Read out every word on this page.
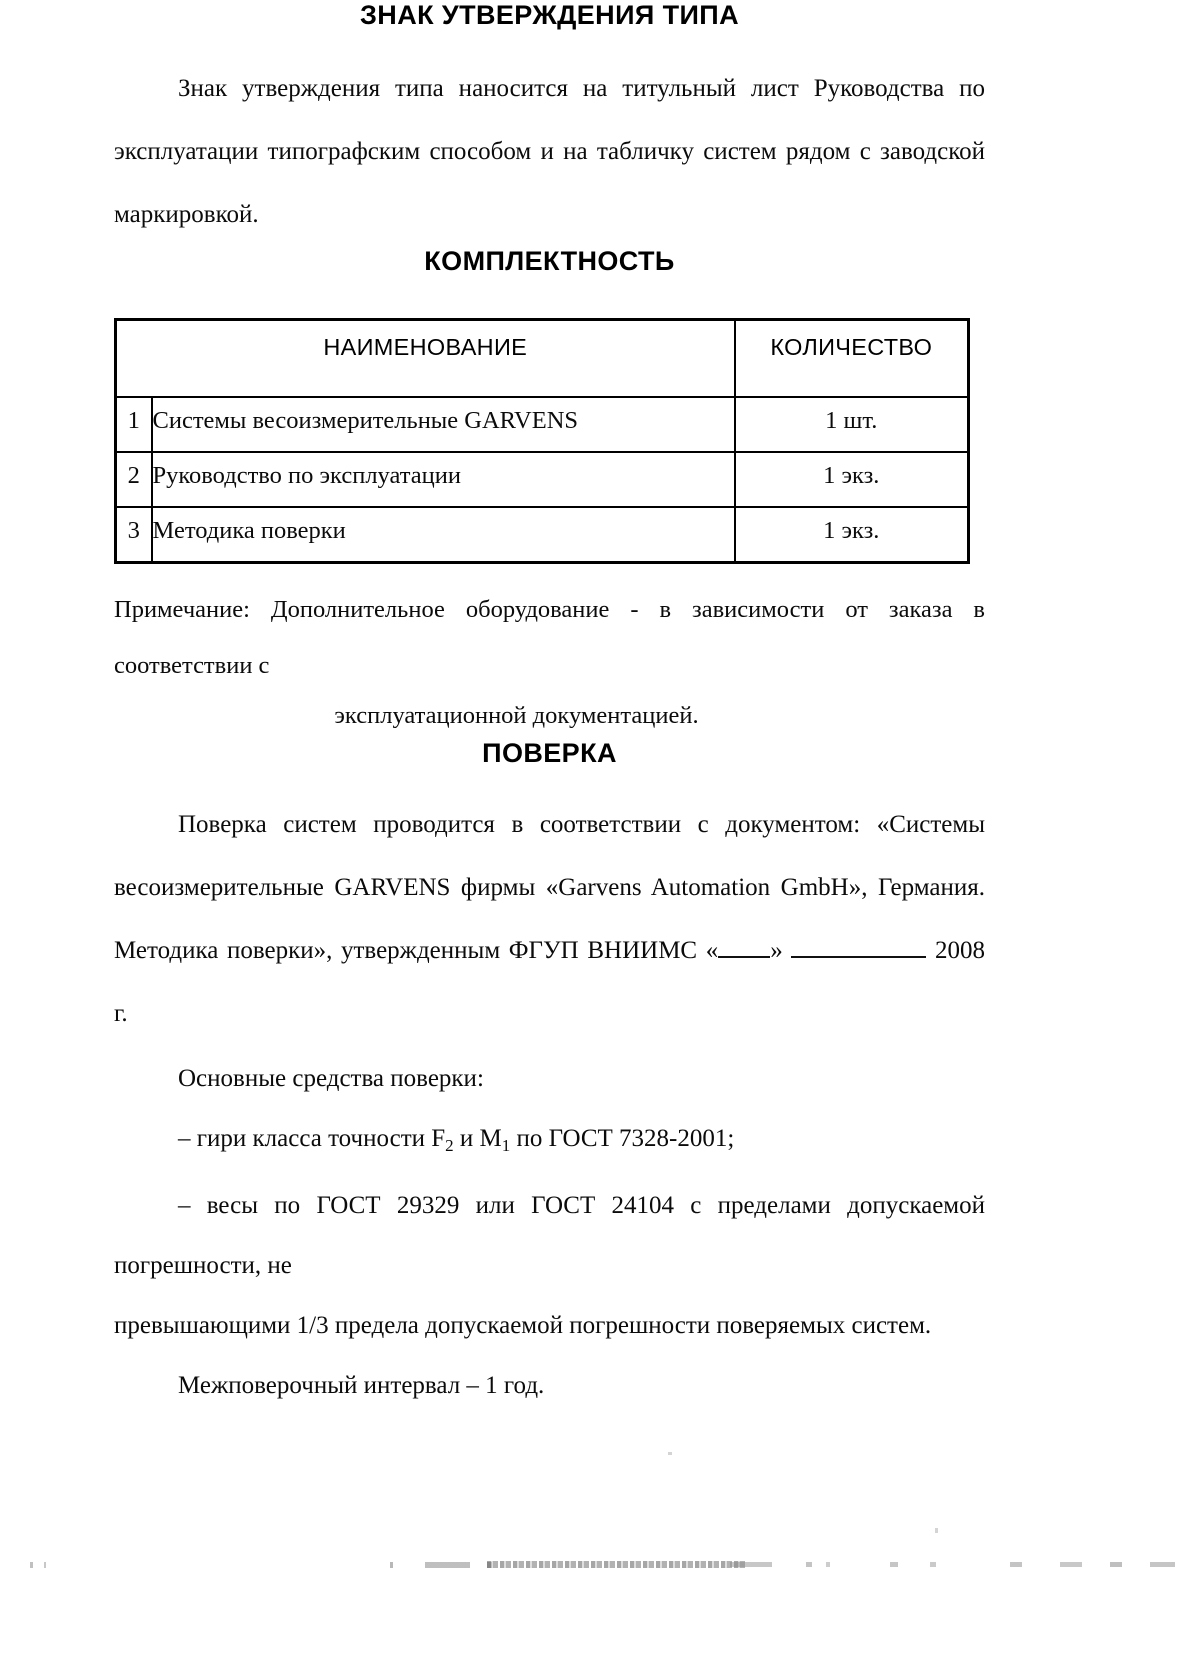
ЗНАК УТВЕРЖДЕНИЯ ТИПА

Знак утверждения типа наносится на титульный лист Руководства по эксплуатации типографским способом и на табличку систем рядом с заводской маркировкой.

КОМПЛЕКТНОСТЬ
НАИМЕНОВАНИЕ		КОЛИЧЕСТВО
1	Системы весоизмерительные GARVENS	1 шт.
2	Руководство по эксплуатации	1 экз.
3	Методика поверки	1 экз.

Примечание: Дополнительное оборудование - в зависимости от заказа в соответствии с

эксплуатационной документацией.

ПОВЕРКА

Поверка систем проводится в соответствии с документом: «Системы весоизмерительные GARVENS фирмы «Garvens Automation GmbH», Германия. Методика поверки», утвержденным ФГУП ВНИИМС « »	2008 г.

Основные средства поверки:

– гири класса точности $F_2$ и $М_1$ по ГОСТ 7328-2001;

– весы по ГОСТ 29329 или ГОСТ 24104 с пределами допускаемой погрешности, не

превышающими 1/3 предела допускаемой погрешности поверяемых систем.

Межповерочный интервал – 1 год.
